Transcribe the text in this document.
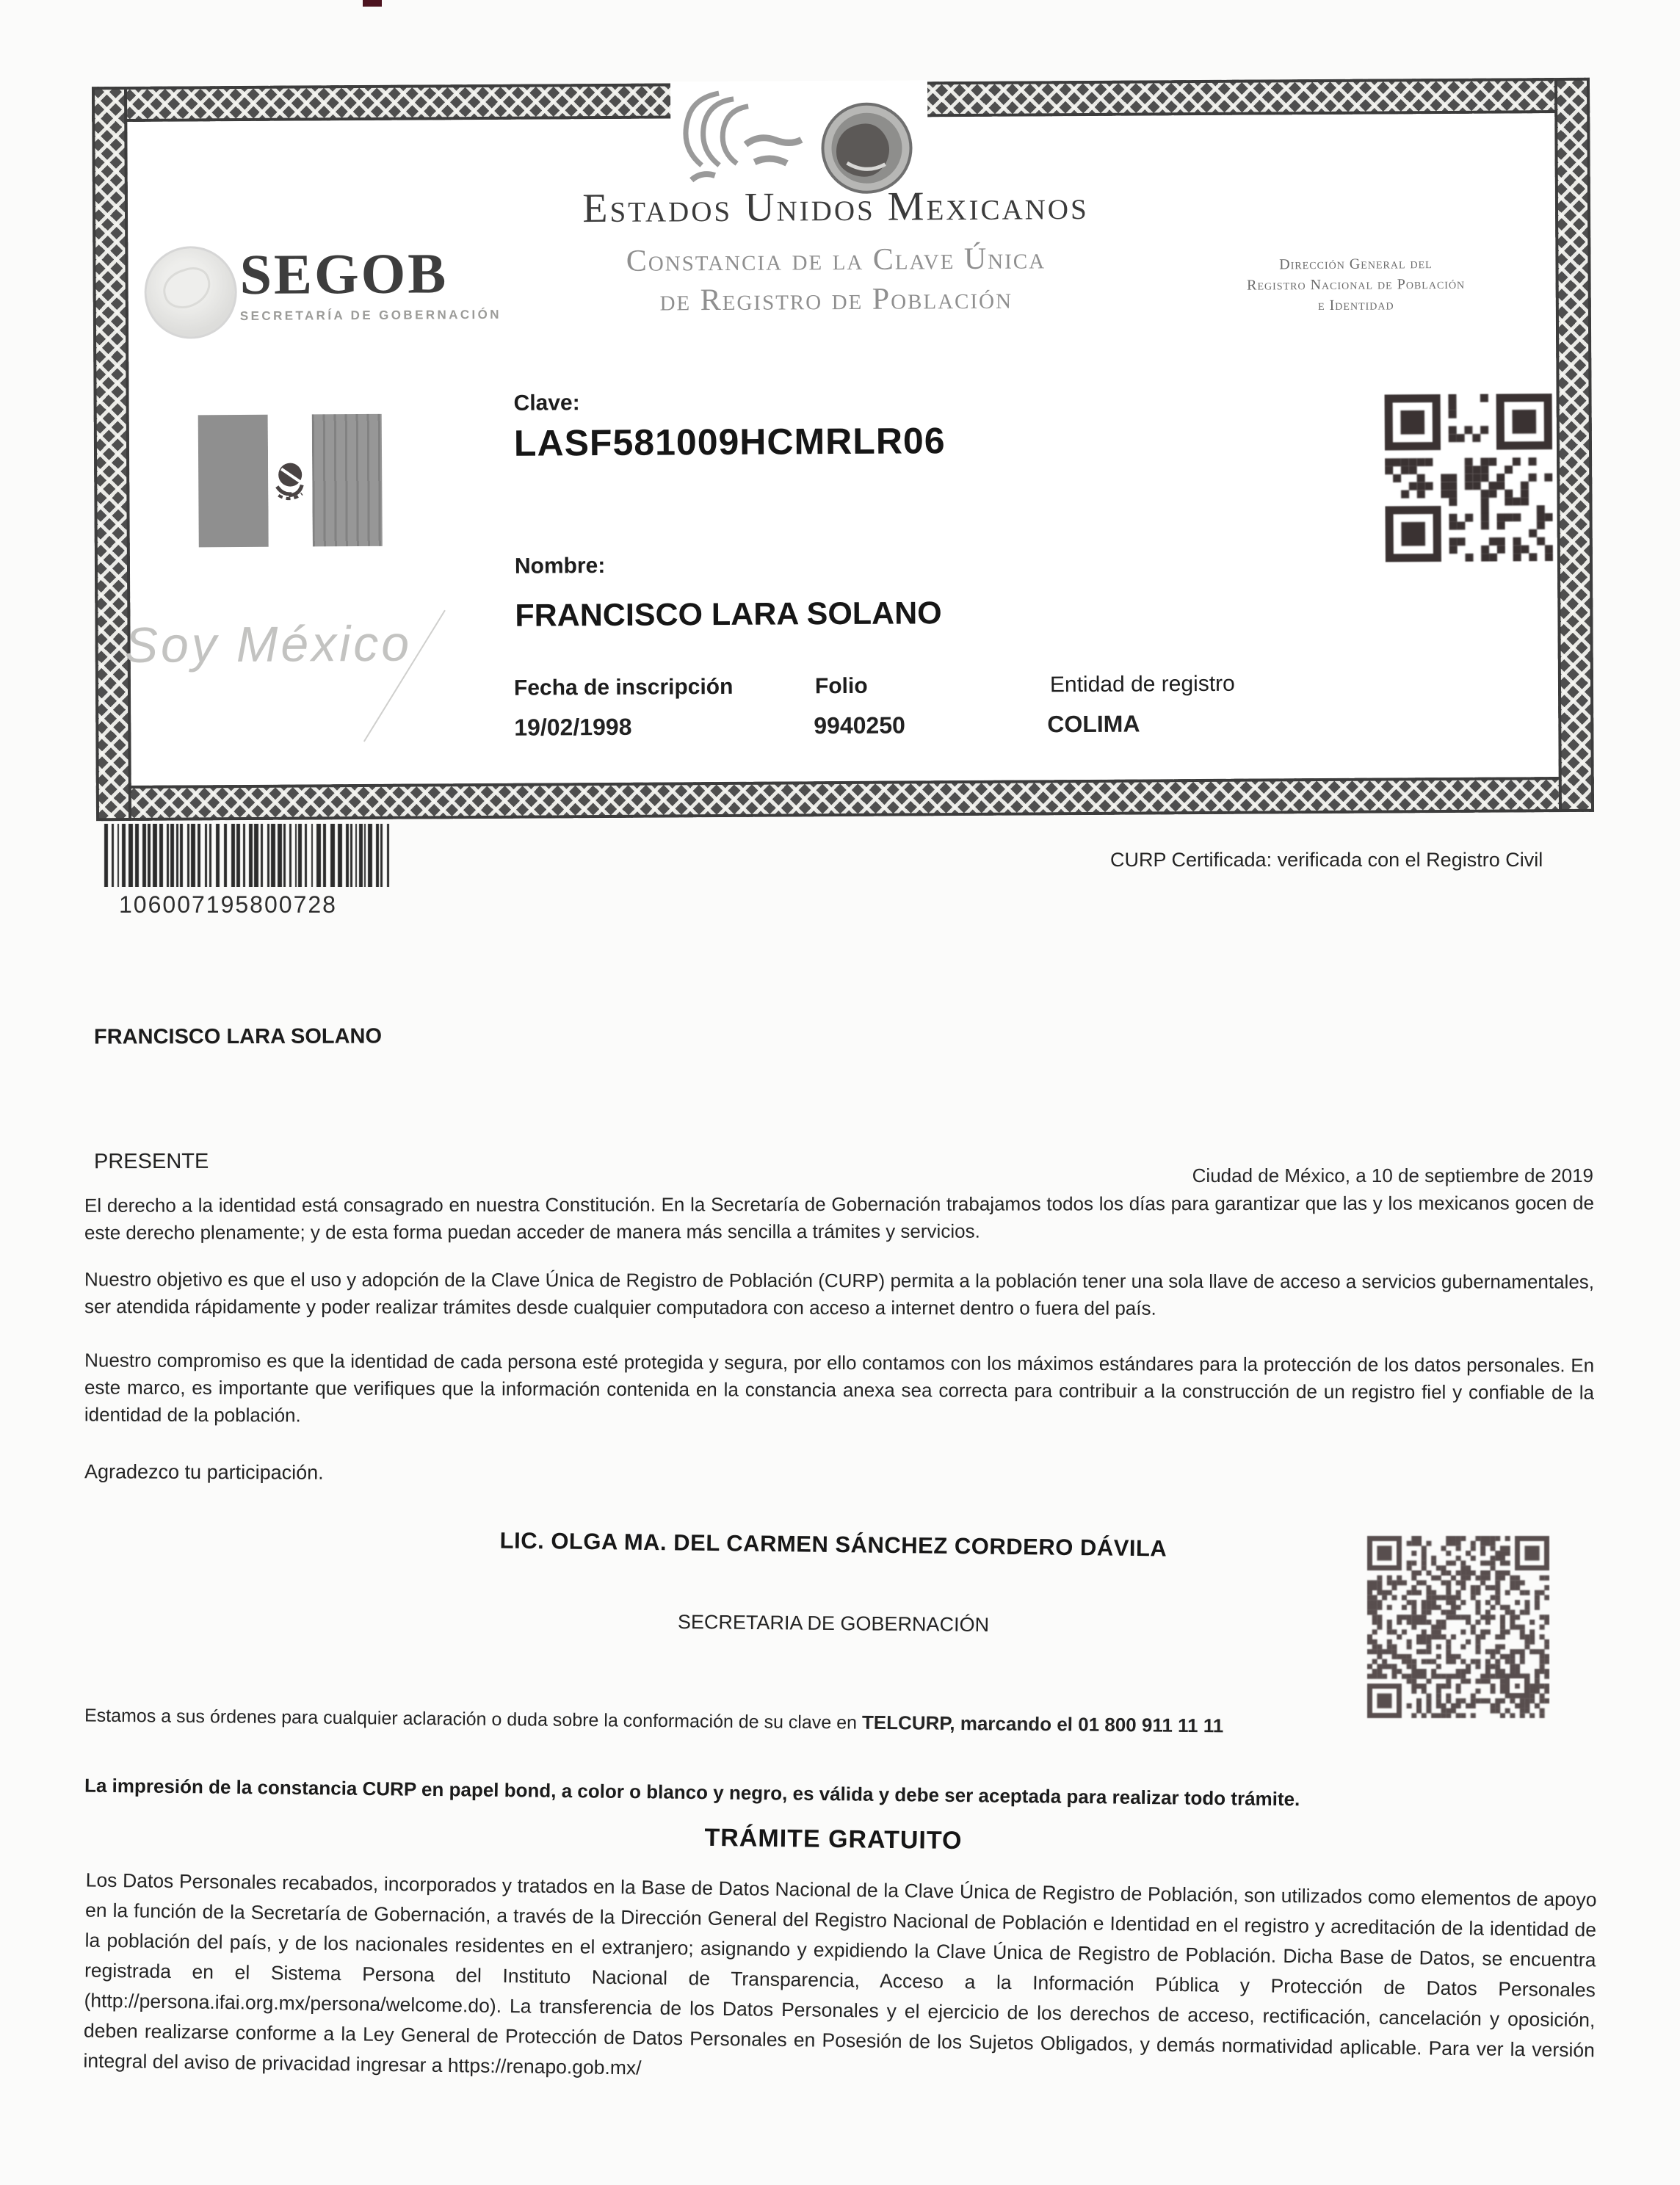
SEGOB
SECRETARÍA DE GOBERNACIÓN
Estados Unidos Mexicanos
Constancia de la Clave Única
de Registro de Población
Dirección General del
Registro Nacional de Población
e Identidad
Clave:
LASF581009HCMRLR06
Nombre:
FRANCISCO LARA SOLANO
Fecha de inscripción	Folio	Entidad de registro
19/02/1998	9940250	COLIMA
Soy México
106007195800728
CURP Certificada: verificada con el Registro Civil
FRANCISCO LARA SOLANO
PRESENTE
Ciudad de México, a 10 de septiembre de 2019
El derecho a la identidad está consagrado en nuestra Constitución. En la Secretaría de Gobernación trabajamos todos los días para garantizar que las y los mexicanos gocen de este derecho plenamente; y de esta forma puedan acceder de manera más sencilla a trámites y servicios.
Nuestro objetivo es que el uso y adopción de la Clave Única de Registro de Población (CURP) permita a la población tener una sola llave de acceso a servicios gubernamentales, ser atendida rápidamente y poder realizar trámites desde cualquier computadora con acceso a internet dentro o fuera del país.
Nuestro compromiso es que la identidad de cada persona esté protegida y segura, por ello contamos con los máximos estándares para la protección de los datos personales. En este marco, es importante que verifiques que la información contenida en la constancia anexa sea correcta para contribuir a la construcción de un registro fiel y confiable de la identidad de la población.
Agradezco tu participación.
LIC. OLGA MA. DEL CARMEN SÁNCHEZ CORDERO DÁVILA
SECRETARIA DE GOBERNACIÓN
Estamos a sus órdenes para cualquier aclaración o duda sobre la conformación de su clave en TELCURP, marcando el 01 800 911 11 11
La impresión de la constancia CURP en papel bond, a color o blanco y negro, es válida y debe ser aceptada para realizar todo trámite.
TRÁMITE GRATUITO
Los Datos Personales recabados, incorporados y tratados en la Base de Datos Nacional de la Clave Única de Registro de Población, son utilizados como elementos de apoyo en la función de la Secretaría de Gobernación, a través de la Dirección General del Registro Nacional de Población e Identidad en el registro y acreditación de la identidad de la población del país, y de los nacionales residentes en el extranjero; asignando y expidiendo la Clave Única de Registro de Población. Dicha Base de Datos, se encuentra registrada en el Sistema Persona del Instituto Nacional de Transparencia, Acceso a la Información Pública y Protección de Datos Personales (http://persona.ifai.org.mx/persona/welcome.do). La transferencia de los Datos Personales y el ejercicio de los derechos de acceso, rectificación, cancelación y oposición, deben realizarse conforme a la Ley General de Protección de Datos Personales en Posesión de los Sujetos Obligados, y demás normatividad aplicable. Para ver la versión integral del aviso de privacidad ingresar a https://renapo.gob.mx/
